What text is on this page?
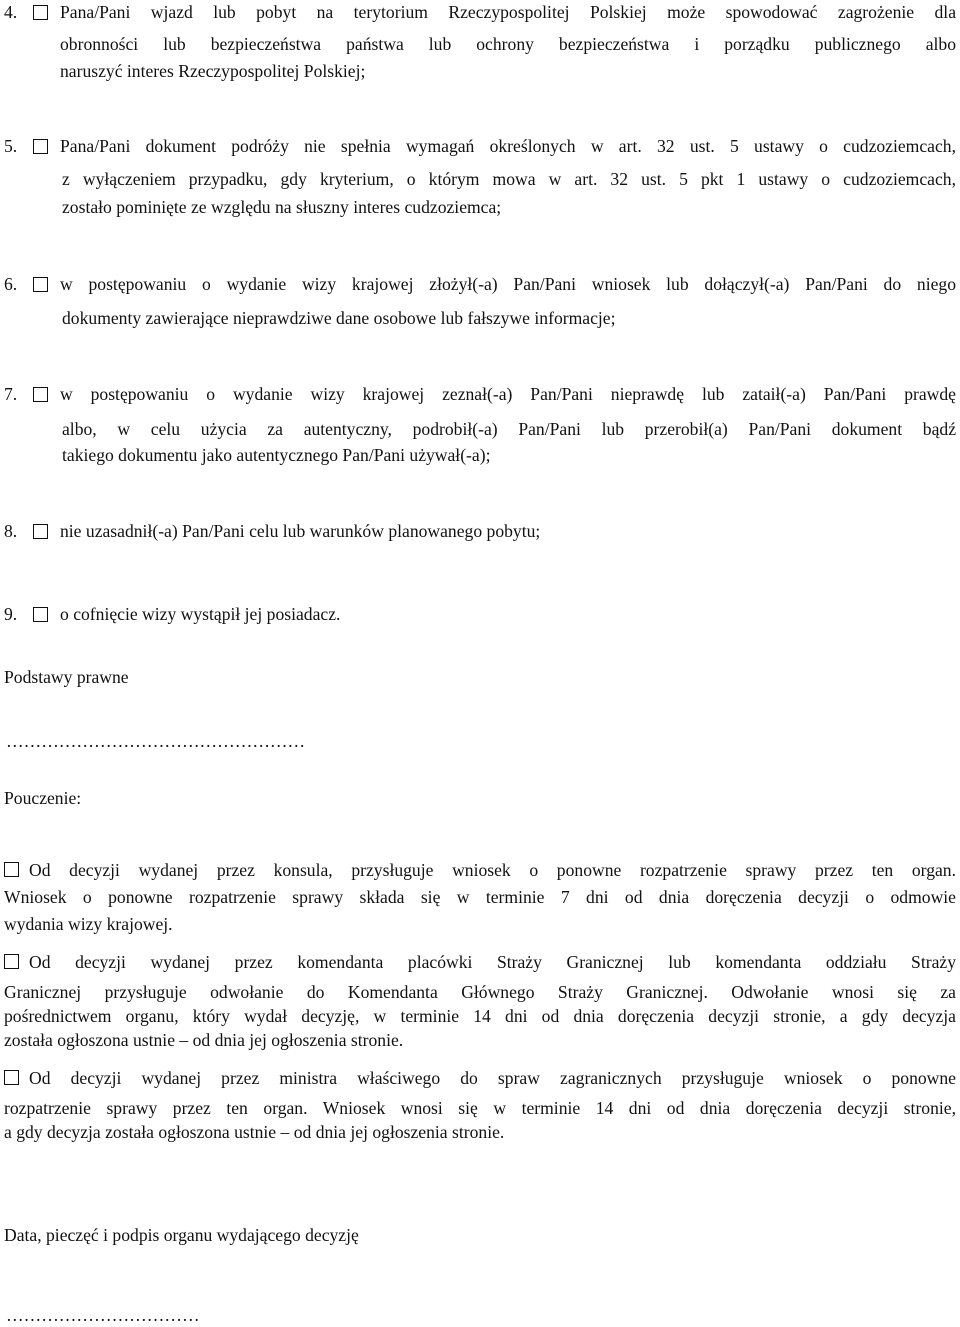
4. Pana/Pani wjazd lub pobyt na terytorium Rzeczypospolitej Polskiej może spowodować zagrożenie dla
obronności lub bezpieczeństwa państwa lub ochrony bezpieczeństwa i porządku publicznego albo
naruszyć interes Rzeczypospolitej Polskiej;
5. Pana/Pani dokument podróży nie spełnia wymagań określonych w art. 32 ust. 5 ustawy o cudzoziemcach,
z wyłączeniem przypadku, gdy kryterium, o którym mowa w art. 32 ust. 5 pkt 1 ustawy o cudzoziemcach,
zostało pominięte ze względu na słuszny interes cudzoziemca;
6. w postępowaniu o wydanie wizy krajowej złożył(-a) Pan/Pani wniosek lub dołączył(-a) Pan/Pani do niego
dokumenty zawierające nieprawdziwe dane osobowe lub fałszywe informacje;
7. w postępowaniu o wydanie wizy krajowej zeznał(-a) Pan/Pani nieprawdę lub zataił(-a) Pan/Pani prawdę
albo, w celu użycia za autentyczny, podrobił(-a) Pan/Pani lub przerobił(a) Pan/Pani dokument bądź
takiego dokumentu jako autentycznego Pan/Pani używał(-a);
8. nie uzasadnił(-a) Pan/Pani celu lub warunków planowanego pobytu;
9. o cofnięcie wizy wystąpił jej posiadacz.
Podstawy prawne
……………………………………………
Pouczenie:
Od decyzji wydanej przez konsula, przysługuje wniosek o ponowne rozpatrzenie sprawy przez ten organ.
Wniosek o ponowne rozpatrzenie sprawy składa się w terminie 7 dni od dnia doręczenia decyzji o odmowie
wydania wizy krajowej.
Od decyzji wydanej przez komendanta placówki Straży Granicznej lub komendanta oddziału Straży
Granicznej przysługuje odwołanie do Komendanta Głównego Straży Granicznej. Odwołanie wnosi się za
pośrednictwem organu, który wydał decyzję, w terminie 14 dni od dnia doręczenia decyzji stronie, a gdy decyzja
została ogłoszona ustnie – od dnia jej ogłoszenia stronie.
Od decyzji wydanej przez ministra właściwego do spraw zagranicznych przysługuje wniosek o ponowne
rozpatrzenie sprawy przez ten organ. Wniosek wnosi się w terminie 14 dni od dnia doręczenia decyzji stronie,
a gdy decyzja została ogłoszona ustnie – od dnia jej ogłoszenia stronie.
Data, pieczęć i podpis organu wydającego decyzję
……………………………
